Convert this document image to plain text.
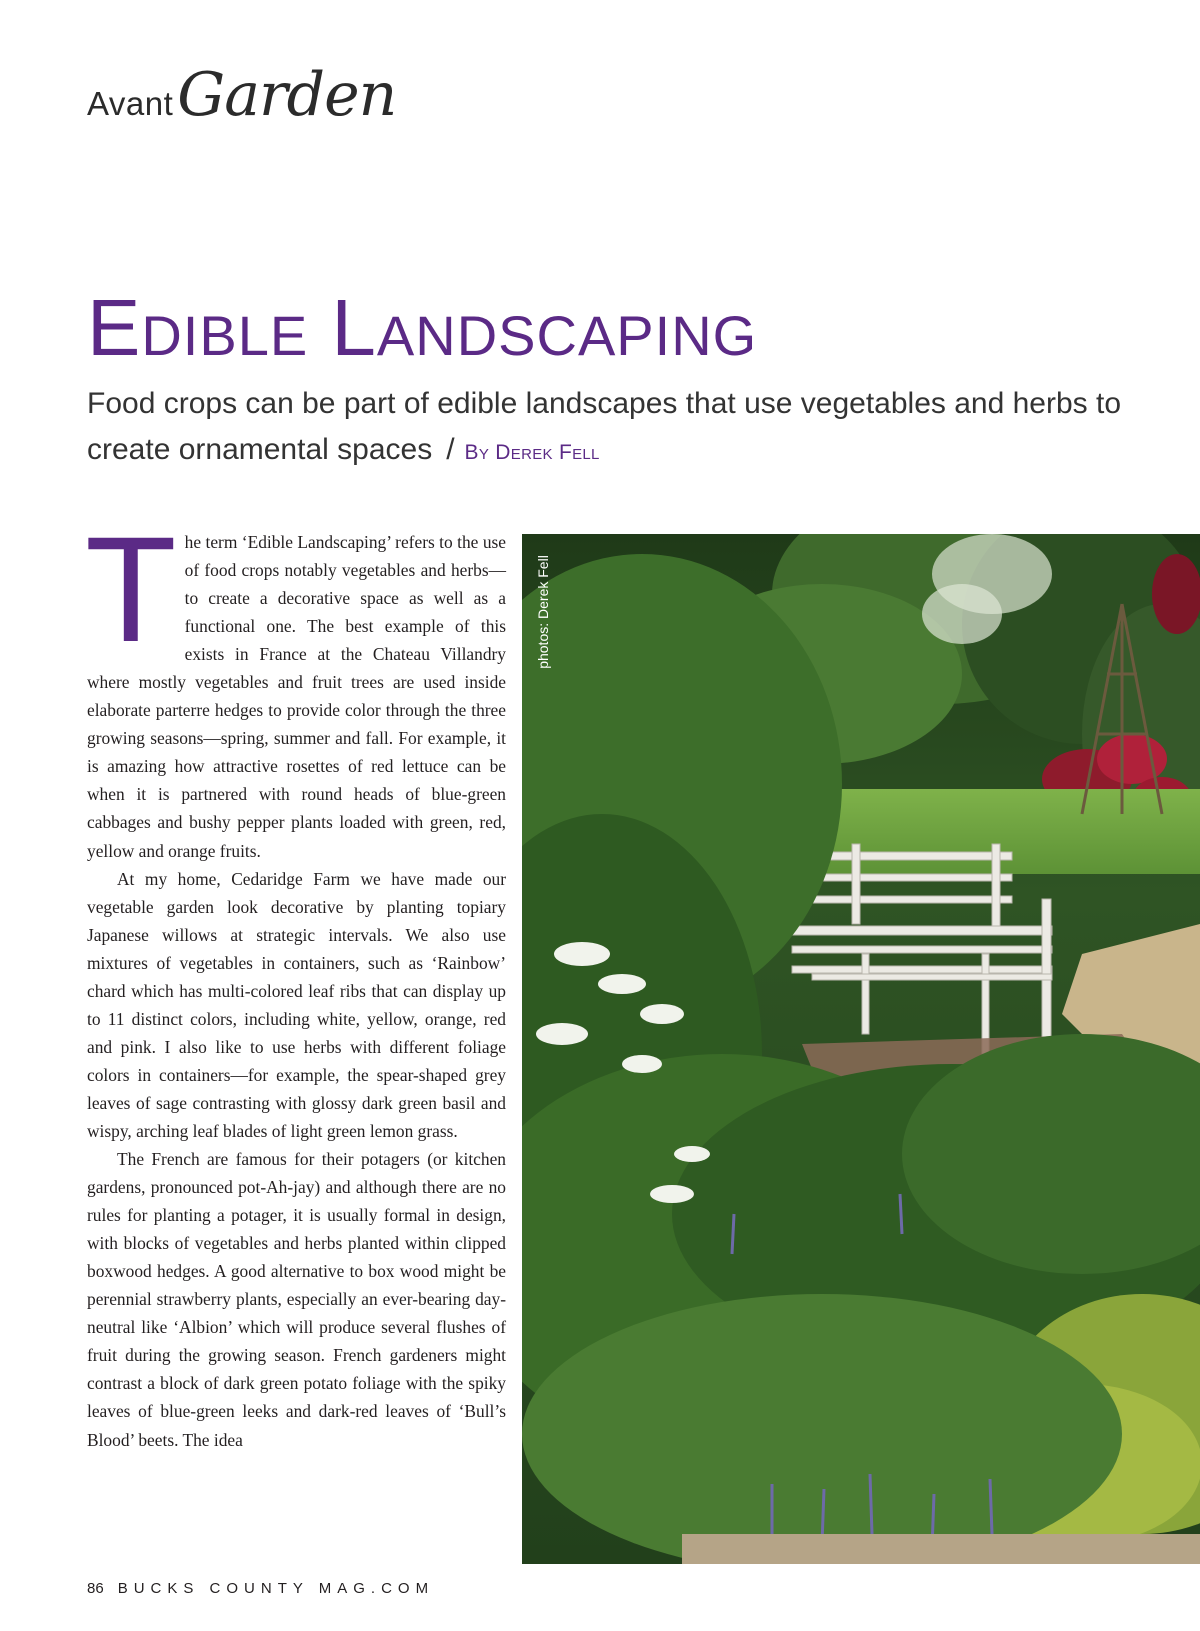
Avant Garden
Edible Landscaping

Food crops can be part of edible landscapes that use vegetables and herbs to create ornamental spaces / By Derek Fell

The term ‘Edible Landscaping’ refers to the use of food crops notably vegetables and herbs—to create a decorative space as well as a functional one. The best example of this exists in France at the Chateau Villandry where mostly vegetables and fruit trees are used inside elaborate parterre hedges to provide color through the three growing seasons—spring, summer and fall. For example, it is amazing how attractive rosettes of red lettuce can be when it is partnered with round heads of blue-green cabbages and bushy pepper plants loaded with green, red, yellow and orange fruits.

At my home, Cedaridge Farm we have made our vegetable garden look decorative by planting topiary Japanese willows at strategic intervals. We also use mixtures of vegetables in containers, such as ‘Rainbow’ chard which has multi-colored leaf ribs that can display up to 11 distinct colors, including white, yellow, orange, red and pink. I also like to use herbs with different foliage colors in containers—for example, the spear-shaped grey leaves of sage contrasting with glossy dark green basil and wispy, arching leaf blades of light green lemon grass.

The French are famous for their potagers (or kitchen gardens, pronounced pot-Ah-jay) and although there are no rules for planting a potager, it is usually formal in design, with blocks of vegetables and herbs planted within clipped boxwood hedges. A good alternative to box wood might be perennial strawberry plants, especially an ever-bearing day-neutral like ‘Albion’ which will produce several flushes of fruit during the growing season. French gardeners might contrast a block of dark green potato foliage with the spiky leaves of blue-green leeks and dark-red leaves of ‘Bull’s Blood’ beets. The idea

photos: Derek Fell
86 BUCKS COUNTY MAG.COM
